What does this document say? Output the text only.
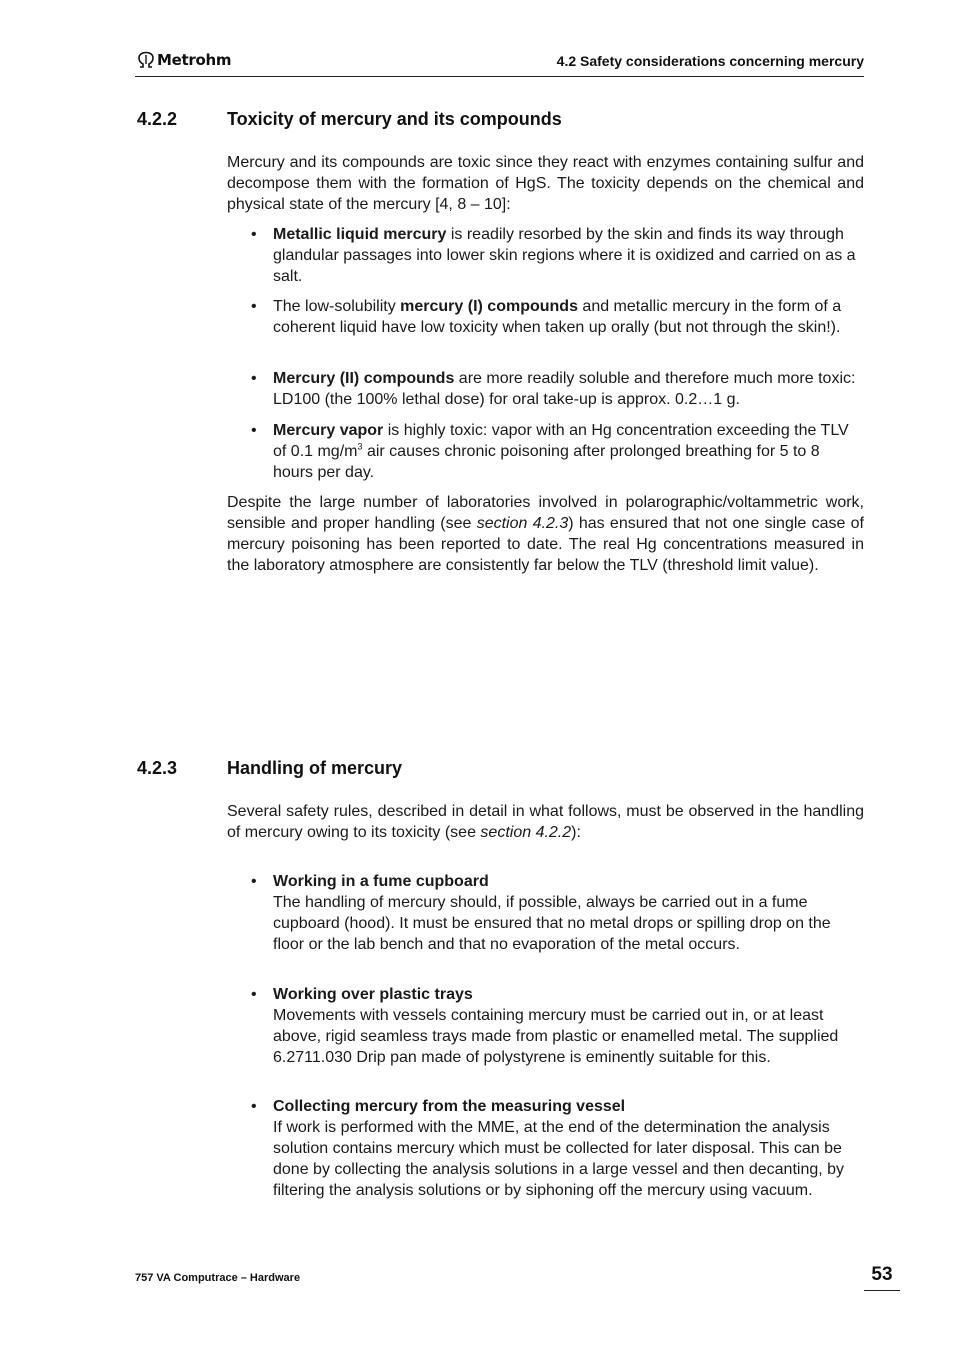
Metrohm	4.2 Safety considerations concerning mercury
4.2.2	Toxicity of mercury and its compounds

Mercury and its compounds are toxic since they react with enzymes containing sulfur and decompose them with the formation of HgS. The toxicity depends on the chemical and physical state of the mercury [4, 8 – 10]:

• Metallic liquid mercury is readily resorbed by the skin and finds its way through glandular passages into lower skin regions where it is oxidized and carried on as a salt.
• The low-solubility mercury (I) compounds and metallic mercury in the form of a coherent liquid have low toxicity when taken up orally (but not through the skin!).
• Mercury (II) compounds are more readily soluble and therefore much more toxic: LD100 (the 100% lethal dose) for oral take-up is approx. 0.2…1 g.
• Mercury vapor is highly toxic: vapor with an Hg concentration exceeding the TLV of 0.1 $mg/m^3$ air causes chronic poisoning after prolonged breathing for 5 to 8 hours per day.

Despite the large number of laboratories involved in polarographic/voltammetric work, sensible and proper handling (see section 4.2.3) has ensured that not one single case of mercury poisoning has been reported to date. The real Hg concentrations measured in the laboratory atmosphere are consistently far below the TLV (threshold limit value).

4.2.3	Handling of mercury

Several safety rules, described in detail in what follows, must be observed in the handling of mercury owing to its toxicity (see section 4.2.2):

• Working in a fume cupboard
The handling of mercury should, if possible, always be carried out in a fume cupboard (hood). It must be ensured that no metal drops or spilling drop on the floor or the lab bench and that no evaporation of the metal occurs.
• Working over plastic trays
Movements with vessels containing mercury must be carried out in, or at least above, rigid seamless trays made from plastic or enamelled metal. The supplied 6.2711.030 Drip pan made of polystyrene is eminently suitable for this.
• Collecting mercury from the measuring vessel
If work is performed with the MME, at the end of the determination the analysis solution contains mercury which must be collected for later disposal. This can be done by collecting the analysis solutions in a large vessel and then decanting, by filtering the analysis solutions or by siphoning off the mercury using vacuum.
757 VA Computrace – Hardware	53
